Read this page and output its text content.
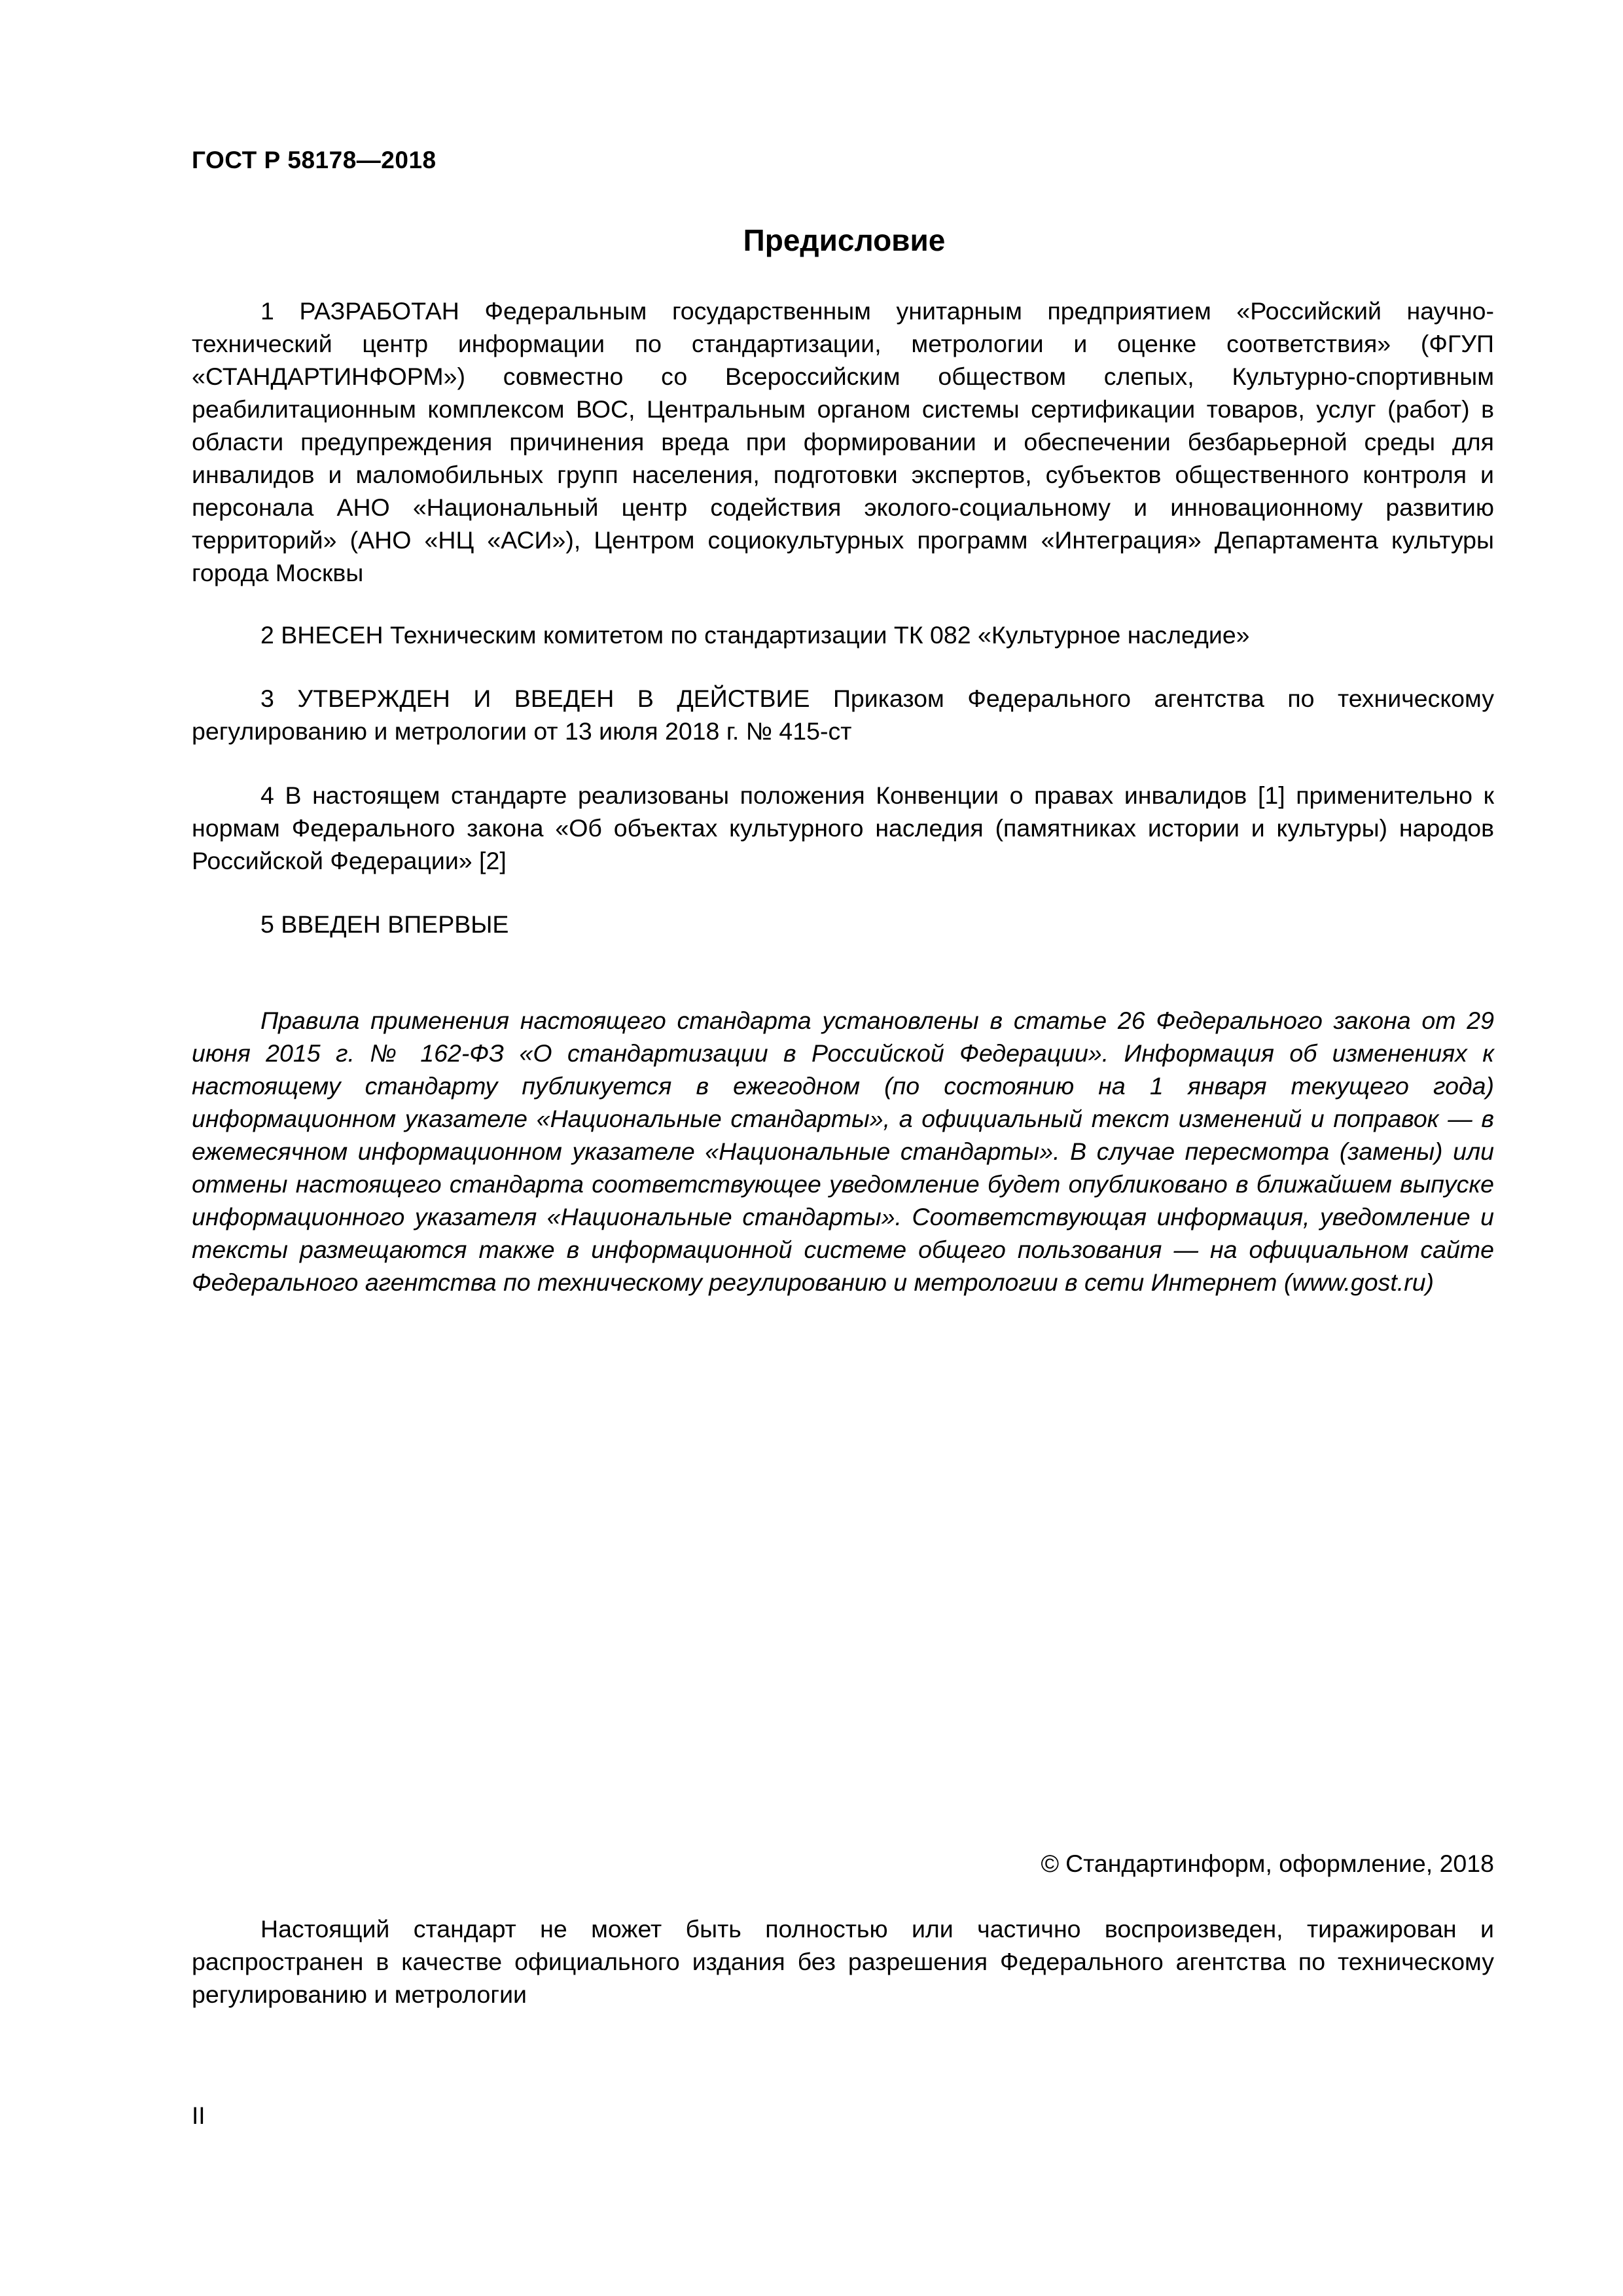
ГОСТ Р 58178—2018
Предисловие

1 РАЗРАБОТАН Федеральным государственным унитарным предприятием «Российский научно-технический центр информации по стандартизации, метрологии и оценке соответствия» (ФГУП «СТАНДАРТИНФОРМ») совместно со Всероссийским обществом слепых, Культурно-спортивным реабилитационным комплексом ВОС, Центральным органом системы сертификации товаров, услуг (работ) в области предупреждения причинения вреда при формировании и обеспечении безбарьерной среды для инвалидов и маломобильных групп населения, подготовки экспертов, субъектов общественного контроля и персонала АНО «Национальный центр содействия эколого-социальному и инновационному развитию территорий» (АНО «НЦ «АСИ»), Центром социокультурных программ «Интеграция» Департамента культуры города Москвы

2 ВНЕСЕН Техническим комитетом по стандартизации ТК 082 «Культурное наследие»

3 УТВЕРЖДЕН И ВВЕДЕН В ДЕЙСТВИЕ Приказом Федерального агентства по техническому регулированию и метрологии от 13 июля 2018 г. № 415-ст

4 В настоящем стандарте реализованы положения Конвенции о правах инвалидов [1] применительно к нормам Федерального закона «Об объектах культурного наследия (памятниках истории и культуры) народов Российской Федерации» [2]

5 ВВЕДЕН ВПЕРВЫЕ

Правила применения настоящего стандарта установлены в статье 26 Федерального закона от 29 июня 2015 г. № 162-ФЗ «О стандартизации в Российской Федерации». Информация об изменениях к настоящему стандарту публикуется в ежегодном (по состоянию на 1 января текущего года) информационном указателе «Национальные стандарты», а официальный текст изменений и поправок — в ежемесячном информационном указателе «Национальные стандарты». В случае пересмотра (замены) или отмены настоящего стандарта соответствующее уведомление будет опубликовано в ближайшем выпуске информационного указателя «Национальные стандарты». Соответствующая информация, уведомление и тексты размещаются также в информационной системе общего пользования — на официальном сайте Федерального агентства по техническому регулированию и метрологии в сети Интернет (www.gost.ru)

© Стандартинформ, оформление, 2018

Настоящий стандарт не может быть полностью или частично воспроизведен, тиражирован и распространен в качестве официального издания без разрешения Федерального агентства по техническому регулированию и метрологии

II
